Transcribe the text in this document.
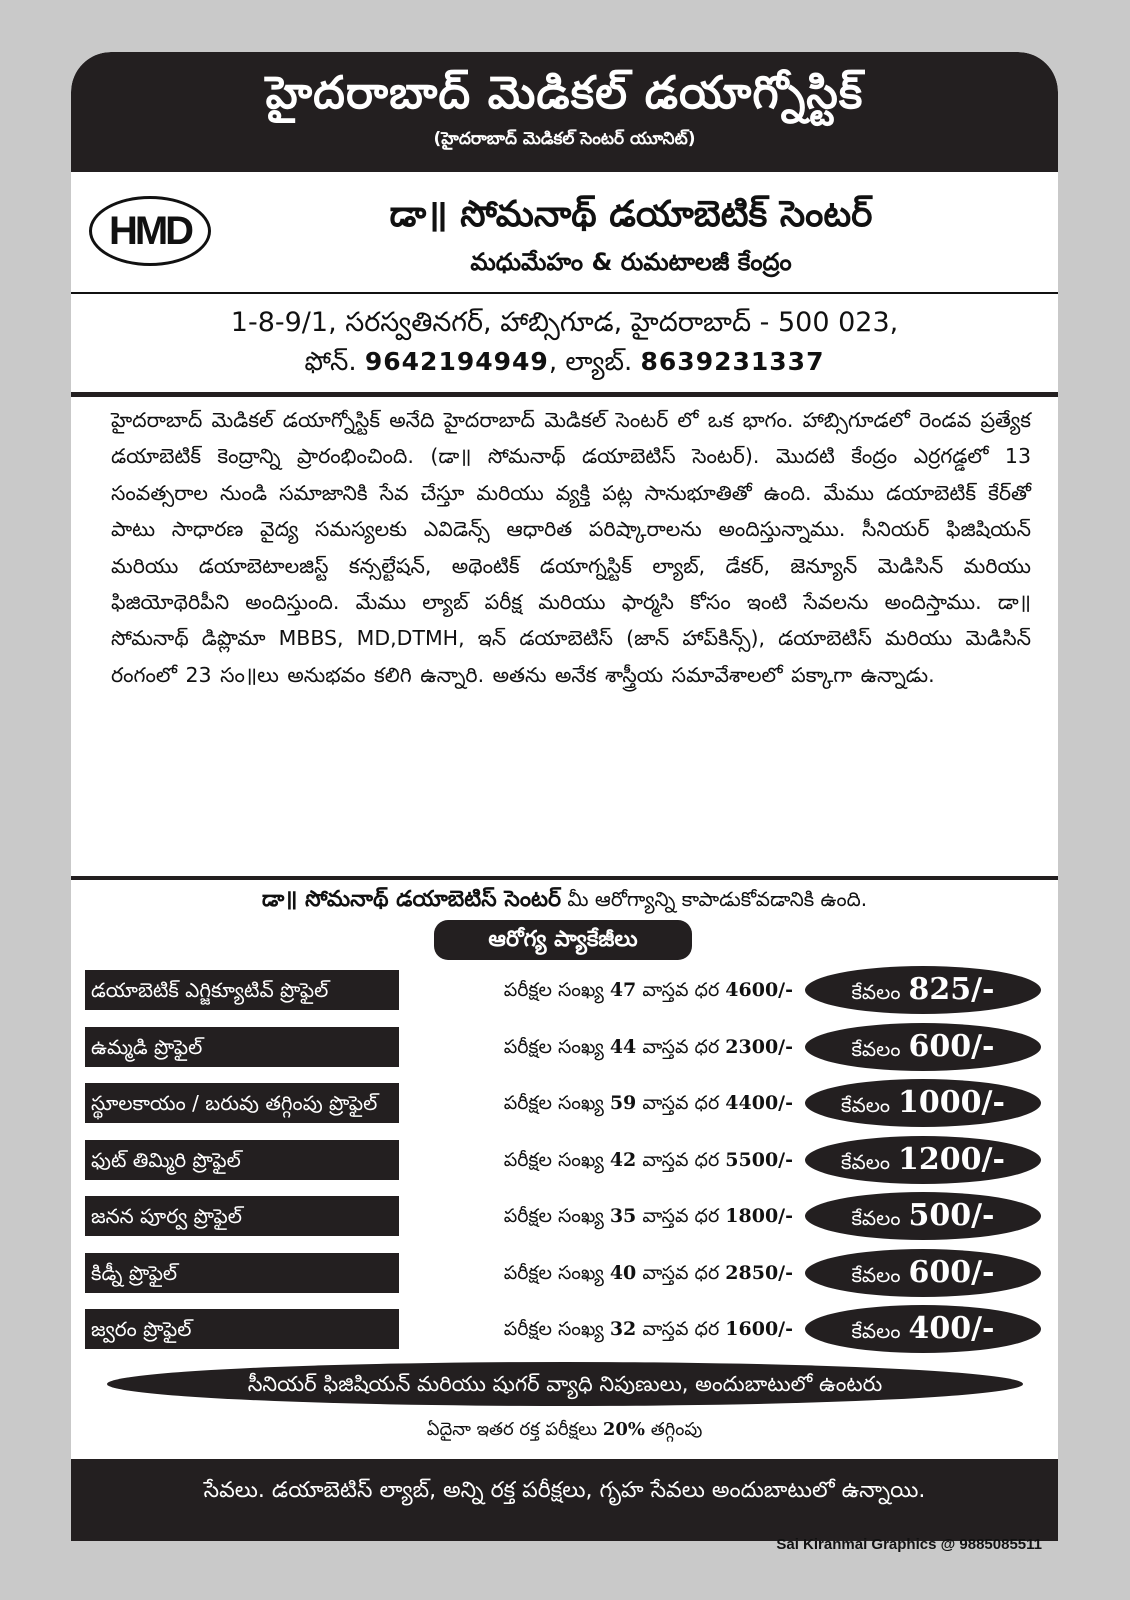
హైదరాబాద్ మెడికల్ డయాగ్నోస్టిక్
(హైదరాబాద్ మెడికల్ సెంటర్ యూనిట్)
HMD	డా॥ సోమనాథ్ డయాబెటిక్ సెంటర్
మధుమేహం & రుమటాలజీ కేంద్రం
1-8-9/1, సరస్వతినగర్, హాబ్సిగూడ, హైదరాబాద్ - 500 023,
ఫోన్. 9642194949, ల్యాబ్. 8639231337
హైదరాబాద్ మెడికల్ డయాగ్నోస్టిక్ అనేది హైదరాబాద్ మెడికల్ సెంటర్ లో ఒక భాగం. హాబ్సిగూడలో రెండవ ప్రత్యేక డయాబెటిక్ కెంద్రాన్ని ప్రారంభించింది. (డా॥ సోమనాథ్ డయాబెటిస్ సెంటర్). మొదటి కేంద్రం ఎర్రగడ్డలో 13 సంవత్సరాల నుండి సమాజానికి సేవ చేస్తూ మరియు వ్యక్తి పట్ల సానుభూతితో ఉంది. మేము డయాబెటిక్ కేర్‌తో పాటు సాధారణ వైద్య సమస్యలకు ఎవిడెన్స్ ఆధారిత పరిష్కారాలను అందిస్తున్నాము. సీనియర్ ఫిజిషియన్ మరియు డయాబెటాలజిస్ట్ కన్సల్టేషన్, అథెంటిక్ డయాగ్నస్టిక్ ల్యాబ్, డేకర్, జెన్యూన్ మెడిసిన్ మరియు ఫిజియోథెరిపీని అందిస్తుంది. మేము ల్యాబ్ పరీక్ష మరియు ఫార్మసి కోసం ఇంటి సేవలను అందిస్తాము. డా॥ సోమనాథ్ డిప్లొమా MBBS, MD,DTMH, ఇన్ డయాబెటిస్ (జాన్ హాప్‌కిన్స్), డయాబెటిస్ మరియు మెడిసిన్ రంగంలో 23 సం॥లు అనుభవం కలిగి ఉన్నారి. అతను అనేక శాస్త్రీయ సమావేశాలలో పక్కాగా ఉన్నాడు.
డా॥ సోమనాథ్ డయాబెటిస్ సెంటర్ మీ ఆరోగ్యాన్ని కాపాడుకోవడానికి ఉంది.
ఆరోగ్య ప్యాకేజీలు
డయాబెటిక్ ఎగ్జిక్యూటివ్ ప్రొఫైల్	పరీక్షల సంఖ్య 47 వాస్తవ ధర 4600/-	కేవలం 825/-
ఉమ్మడి ప్రొఫైల్	పరీక్షల సంఖ్య 44 వాస్తవ ధర 2300/-	కేవలం 600/-
స్థూలకాయం / బరువు తగ్గింపు ప్రొఫైల్	పరీక్షల సంఖ్య 59 వాస్తవ ధర 4400/-	కేవలం 1000/-
ఫుట్ తిమ్మిరి ప్రొఫైల్	పరీక్షల సంఖ్య 42 వాస్తవ ధర 5500/-	కేవలం 1200/-
జనన పూర్వ ప్రొఫైల్	పరీక్షల సంఖ్య 35 వాస్తవ ధర 1800/-	కేవలం 500/-
కిడ్నీ ప్రొఫైల్	పరీక్షల సంఖ్య 40 వాస్తవ ధర 2850/-	కేవలం 600/-
జ్వరం ప్రొఫైల్	పరీక్షల సంఖ్య 32 వాస్తవ ధర 1600/-	కేవలం 400/-
సీనియర్ ఫిజిషియన్ మరియు షుగర్ వ్యాధి నిపుణులు, అందుబాటులో ఉంటరు
ఏదైనా ఇతర రక్త పరీక్షలు 20% తగ్గింపు
సేవలు. డయాబెటిస్ ల్యాబ్, అన్ని రక్త పరీక్షలు, గృహ సేవలు అందుబాటులో ఉన్నాయి.
Sai Kiranmai Graphics @ 9885085511
